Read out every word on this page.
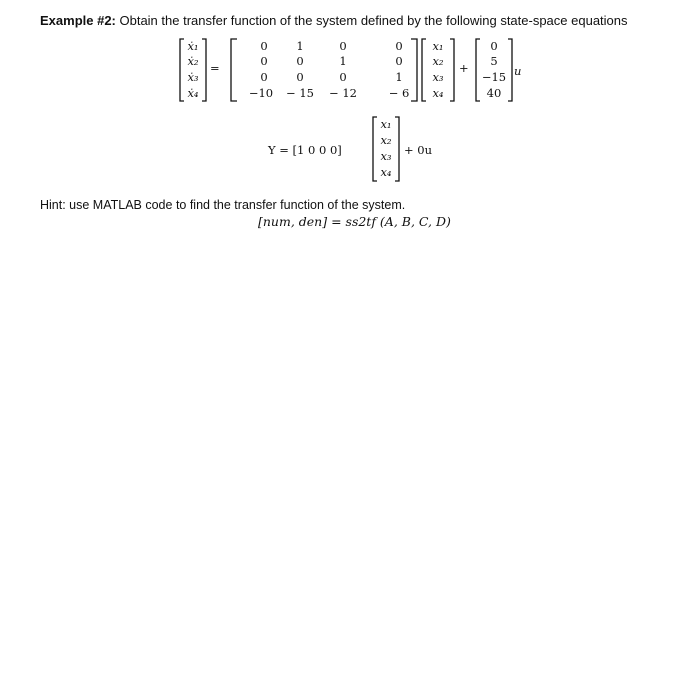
Example #2: Obtain the transfer function of the system defined by the following state-space equations
ẋ₁
ẋ₂
ẋ₃
ẋ₄
=
0	1	0	0
0	0	1	0
0	0	0	1
−10	− 15	− 12	− 6
x₁
x₂
x₃
x₄
+
0
5
−15
40
u
Y = [1 0 0 0]
x₁
x₂
x₃
x₄
+ 0u
Hint: use MATLAB code to find the transfer function of the system.
[num, den] = ss2tf (A, B, C, D)
